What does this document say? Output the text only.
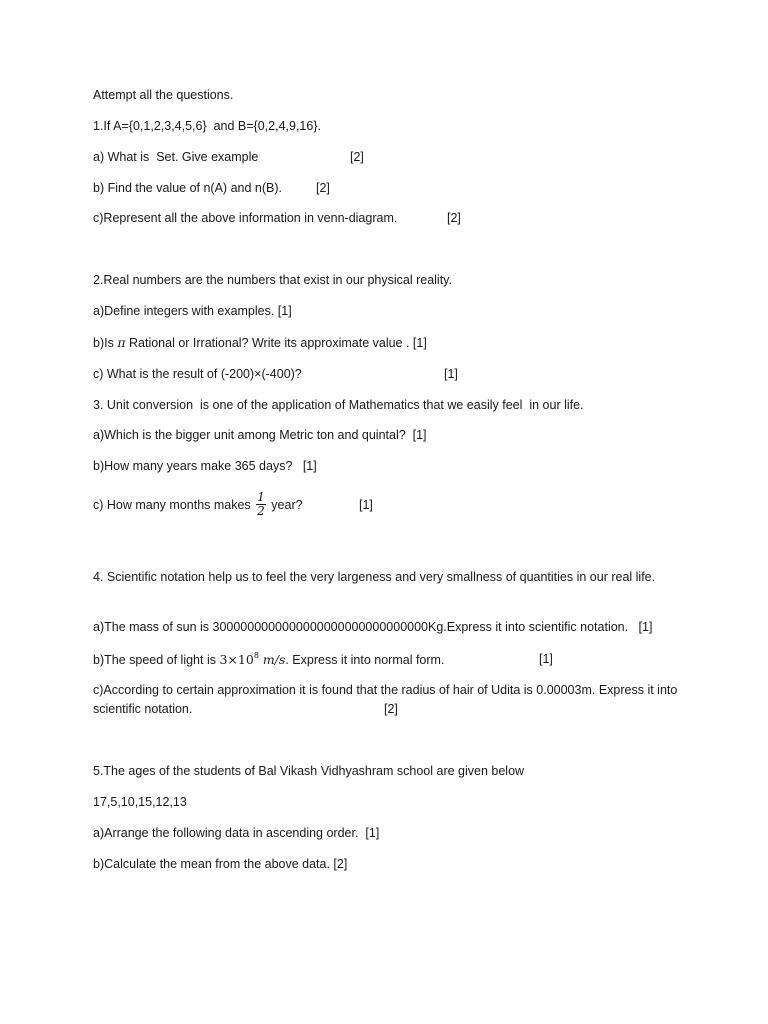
Attempt all the questions.
1.If A={0,1,2,3,4,5,6}  and B={0,2,4,9,16}.
a) What is  Set. Give example	[2]
b) Find the value of n(A) and n(B).	[2]
c)Represent all the above information in venn-diagram.	[2]
2.Real numbers are the numbers that exist in our physical reality.
a)Define integers with examples. [1]
b)Is π Rational or Irrational? Write its approximate value . [1]
c) What is the result of (-200)×(-400)?	[1]
3. Unit conversion  is one of the application of Mathematics that we easily feel  in our life.
a)Which is the bigger unit among Metric ton and quintal?  [1]
b)How many years make 365 days?   [1]
c) How many months makes $\frac{1}{2}$ year?	[1]
4. Scientific notation help us to feel the very largeness and very smallness of quantities in our real life.
a)The mass of sun is 3000000000000000000000000000000Kg.Express it into scientific notation.   [1]
b)The speed of light is $3\times 10^8$ m/s. Express it into normal form.	[1]
c)According to certain approximation it is found that the radius of hair of Udita is 0.00003m. Express it into scientific notation.	[2]
5.The ages of the students of Bal Vikash Vidhyashram school are given below
17,5,10,15,12,13
a)Arrange the following data in ascending order.  [1]
b)Calculate the mean from the above data. [2]
